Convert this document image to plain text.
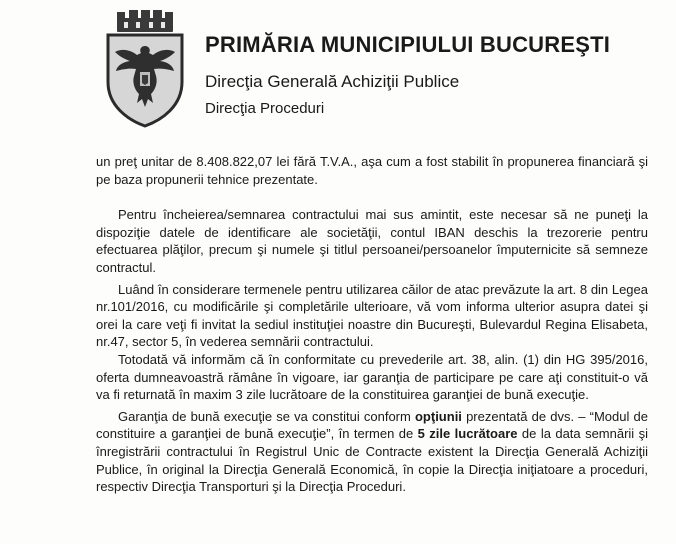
PRIMĂRIA MUNICIPIULUI BUCUREŞTI
Direcţia Generală Achiziţii Publice
Direcţia Proceduri

un preţ unitar de 8.408.822,07 lei fără T.V.A., aşa cum a fost stabilit în propunerea financiară şi pe baza propunerii tehnice prezentate.

Pentru încheierea/semnarea contractului mai sus amintit, este necesar să ne puneţi la dispoziţie datele de identificare ale societăţii, contul IBAN deschis la trezorerie pentru efectuarea plăţilor, precum şi numele şi titlul persoanei/persoanelor împuternicite să semneze contractul.

Luând în considerare termenele pentru utilizarea căilor de atac prevăzute la art. 8 din Legea nr.101/2016, cu modificările şi completările ulterioare, vă vom informa ulterior asupra datei şi orei la care veţi fi invitat la sediul instituţiei noastre din Bucureşti, Bulevardul Regina Elisabeta, nr.47, sector 5, în vederea semnării contractului.

Totodată vă informăm că în conformitate cu prevederile art. 38, alin. (1) din HG 395/2016, oferta dumneavoastră rămâne în vigoare, iar garanţia de participare pe care aţi constituit-o vă va fi returnată în maxim 3 zile lucrătoare de la constituirea garanţiei de bună execuţie.

Garanţia de bună execuţie se va constitui conform opţiunii prezentată de dvs. – “Modul de constituire a garanţiei de bună execuţie”, în termen de 5 zile lucrătoare de la data semnării şi înregistrării contractului în Registrul Unic de Contracte existent la Direcţia Generală Achiziţii Publice, în original la Direcţia Generală Economică, în copie la Direcţia iniţiatoare a proceduri, respectiv Direcţia Transporturi şi la Direcţia Proceduri.
